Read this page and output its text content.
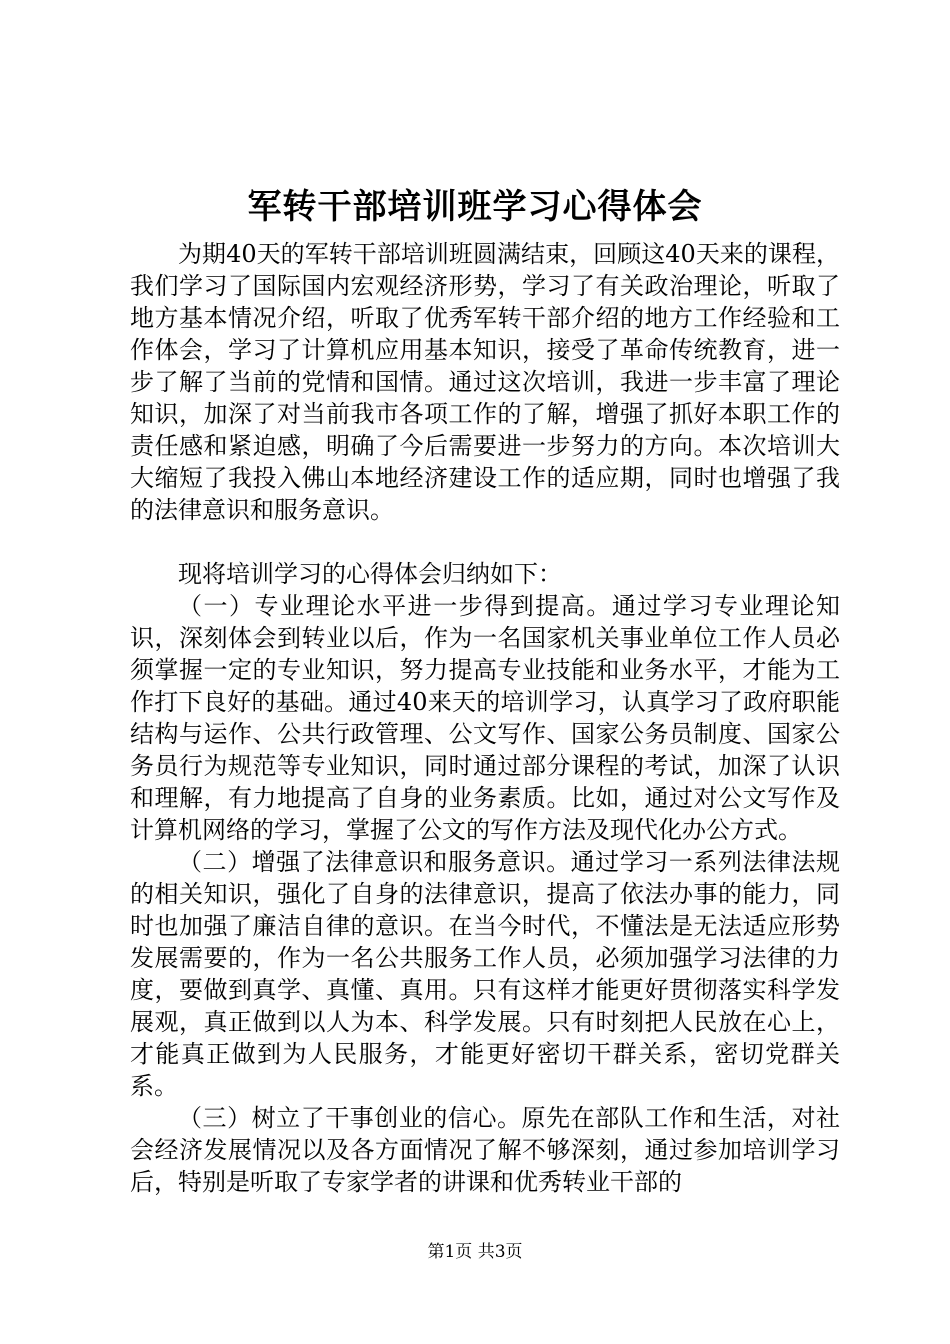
军转干部培训班学习心得体会

为期40天的军转干部培训班圆满结束，回顾这40天来的课程，我们学习了国际国内宏观经济形势，学习了有关政治理论，听取了地方基本情况介绍，听取了优秀军转干部介绍的地方工作经验和工作体会，学习了计算机应用基本知识，接受了革命传统教育，进一步了解了当前的党情和国情。通过这次培训，我进一步丰富了理论知识，加深了对当前我市各项工作的了解，增强了抓好本职工作的责任感和紧迫感，明确了今后需要进一步努力的方向。本次培训大大缩短了我投入佛山本地经济建设工作的适应期，同时也增强了我的法律意识和服务意识。

现将培训学习的心得体会归纳如下：

（一）专业理论水平进一步得到提高。通过学习专业理论知识，深刻体会到转业以后，作为一名国家机关事业单位工作人员必须掌握一定的专业知识，努力提高专业技能和业务水平，才能为工作打下良好的基础。通过40来天的培训学习，认真学习了政府职能结构与运作、公共行政管理、公文写作、国家公务员制度、国家公务员行为规范等专业知识，同时通过部分课程的考试，加深了认识和理解，有力地提高了自身的业务素质。比如，通过对公文写作及计算机网络的学习，掌握了公文的写作方法及现代化办公方式。

（二）增强了法律意识和服务意识。通过学习一系列法律法规的相关知识，强化了自身的法律意识，提高了依法办事的能力，同时也加强了廉洁自律的意识。在当今时代，不懂法是无法适应形势发展需要的，作为一名公共服务工作人员，必须加强学习法律的力度，要做到真学、真懂、真用。只有这样才能更好贯彻落实科学发展观，真正做到以人为本、科学发展。只有时刻把人民放在心上，才能真正做到为人民服务，才能更好密切干群关系，密切党群关系。

（三）树立了干事创业的信心。原先在部队工作和生活，对社会经济发展情况以及各方面情况了解不够深刻，通过参加培训学习后，特别是听取了专家学者的讲课和优秀转业干部的

第1页 共3页
